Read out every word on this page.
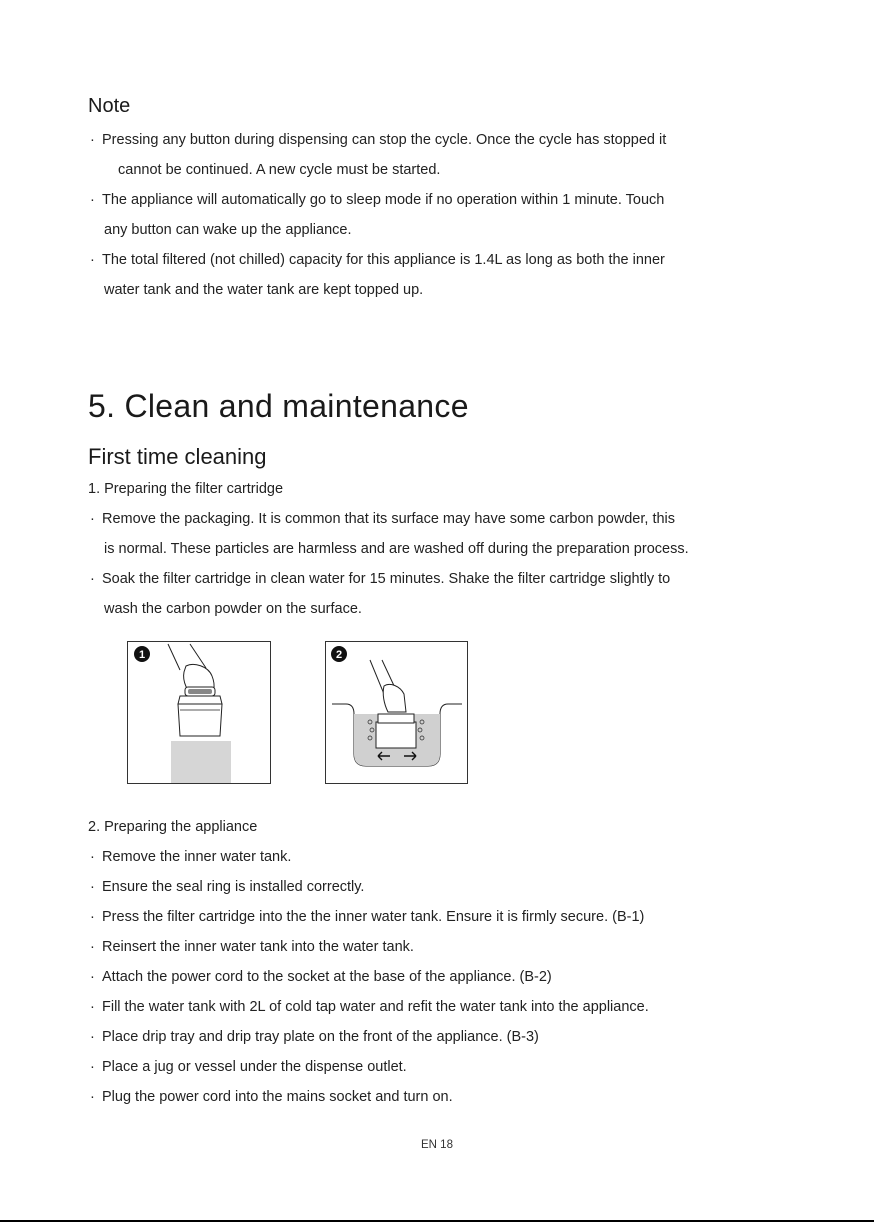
Note
· Pressing any button during dispensing can stop the cycle. Once the cycle has stopped it
cannot be continued. A new cycle must be started.
· The appliance will automatically go to sleep mode if no operation within 1 minute. Touch
any button can wake up the appliance.
· The total filtered (not chilled) capacity for this appliance is 1.4L as long as both the inner
water tank and the water tank are kept topped up.
5. Clean and maintenance
First time cleaning
1. Preparing the filter cartridge
· Remove the packaging. It is common that its surface may have some carbon powder, this
is normal. These particles are harmless and are washed off during the preparation process.
· Soak the filter cartridge in clean water for 15 minutes. Shake the filter cartridge slightly to
wash the carbon powder on the surface.
1	2
2. Preparing the appliance
· Remove the inner water tank.
· Ensure the seal ring is installed correctly.
· Press the filter cartridge into the the inner water tank. Ensure it is firmly secure. (B-1)
· Reinsert the inner water tank into the water tank.
· Attach the power cord to the socket at the base of the appliance. (B-2)
· Fill the water tank with 2L of cold tap water and refit the water tank into the appliance.
· Place drip tray and drip tray plate on the front of the appliance. (B-3)
· Place a jug or vessel under the dispense outlet.
· Plug the power cord into the mains socket and turn on.
EN 18
